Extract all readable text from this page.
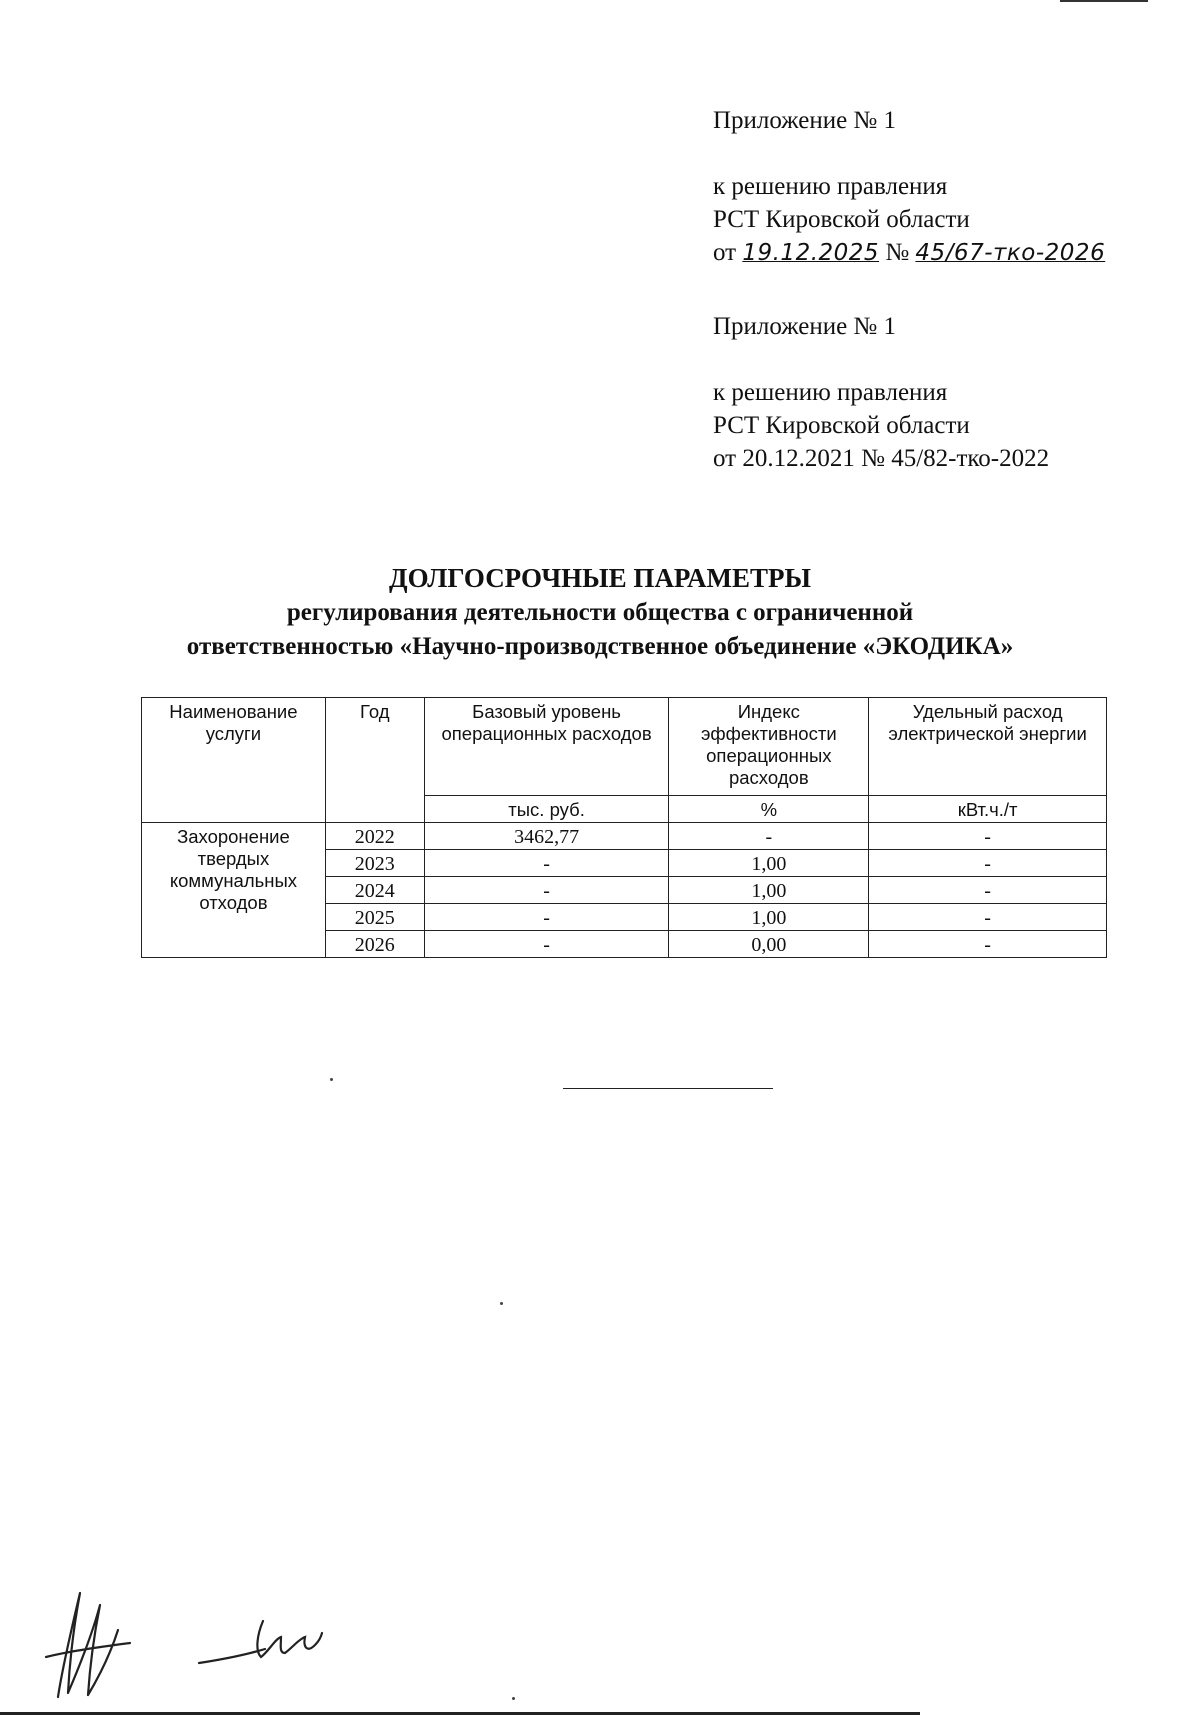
Приложение № 1

к решению правления

РСТ Кировской области

от 19.12.2025 № 45/67-тко-2026

Приложение № 1

к решению правления

РСТ Кировской области

от 20.12.2021 № 45/82-тко-2022

ДОЛГОСРОЧНЫЕ ПАРАМЕТРЫ
регулирования деятельности общества с ограниченной
ответственностью «Научно-производственное объединение «ЭКОДИКА»
Наименование услуги	Год	Базовый уровень операционных расходов	Индекс эффективности операционных расходов	Удельный расход электрической энергии
		тыс. руб.	%	кВт.ч./т
Захоронение твердых коммунальных отходов	2022	3462,77	-	-
	2023	-	1,00	-
	2024	-	1,00	-
	2025	-	1,00	-
	2026	-	0,00	-
